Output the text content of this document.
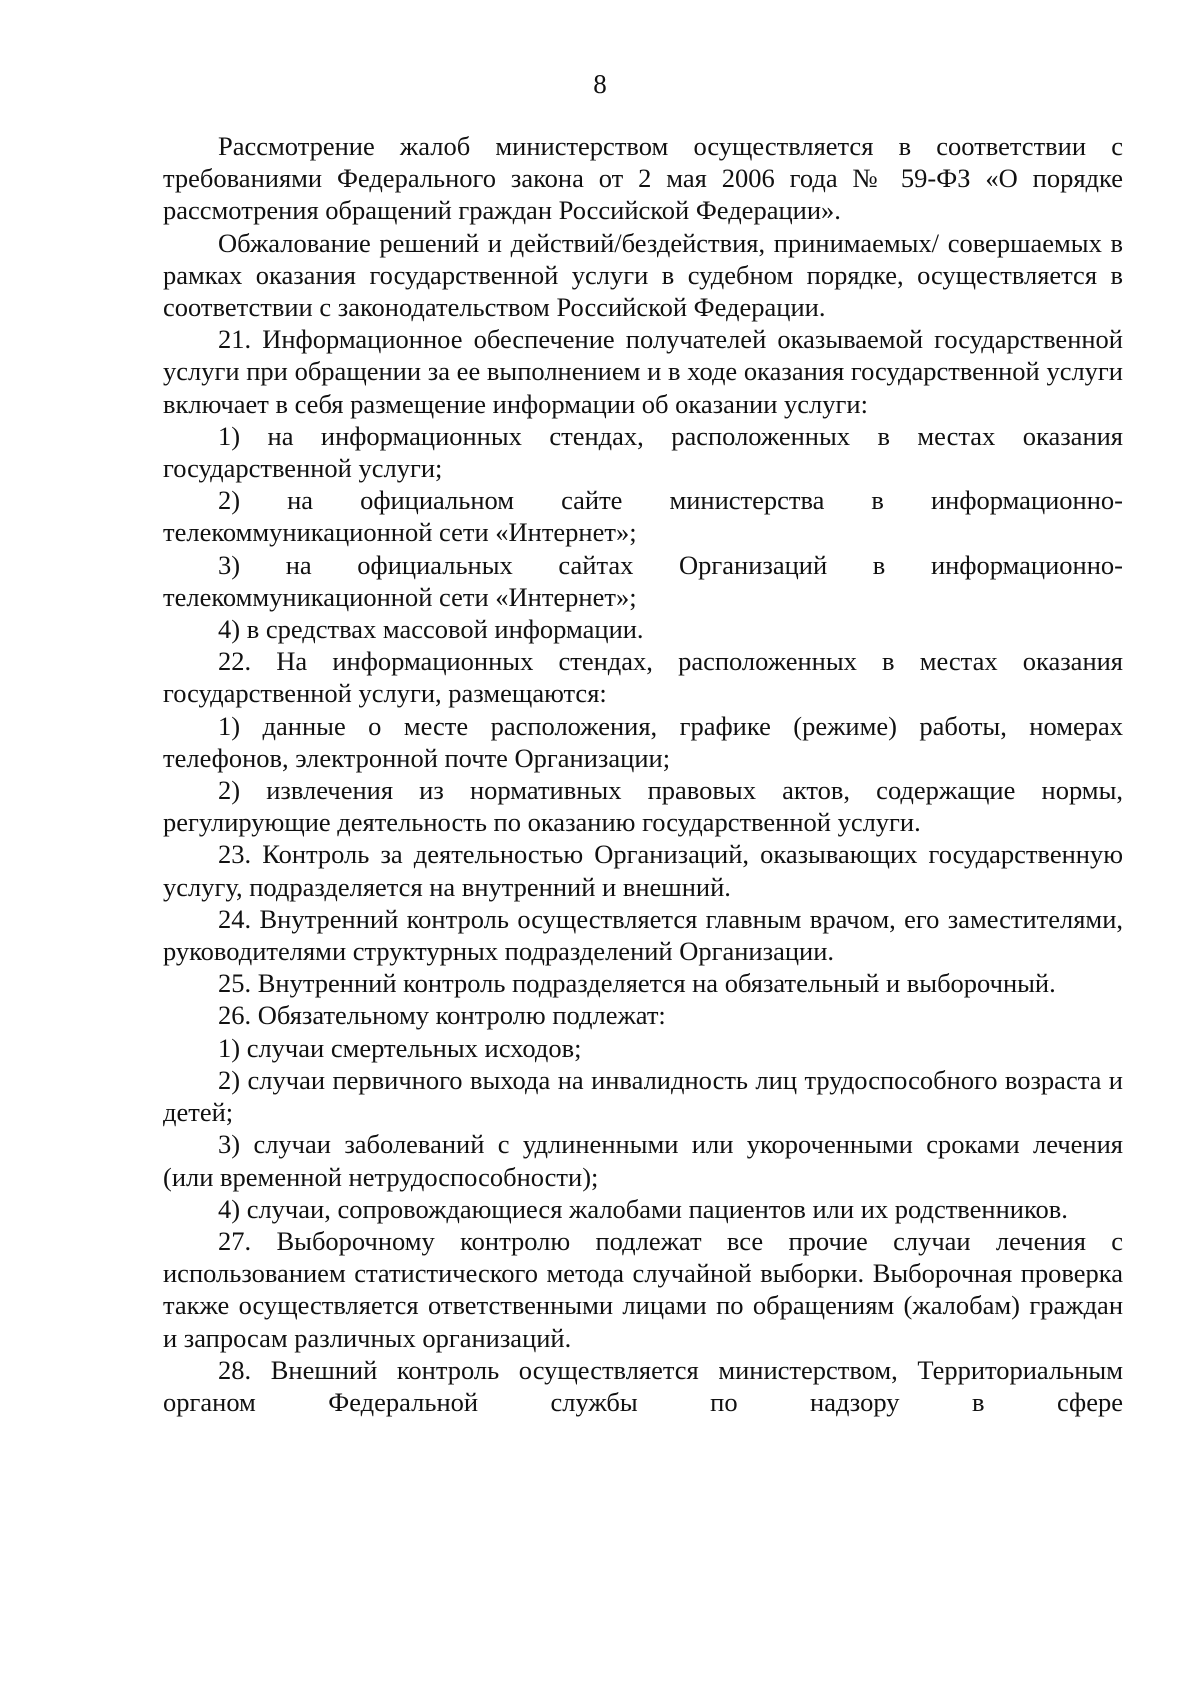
8

Рассмотрение жалоб министерством осуществляется в соответствии с требованиями Федерального закона от 2 мая 2006 года № 59-ФЗ «О порядке рассмотрения обращений граждан Российской Федерации».

Обжалование решений и действий/бездействия, принимаемых/ совершаемых в рамках оказания государственной услуги в судебном порядке, осуществляется в соответствии с законодательством Российской Федерации.

21. Информационное обеспечение получателей оказываемой государственной услуги при обращении за ее выполнением и в ходе оказания государственной услуги включает в себя размещение информации об оказании услуги:

1) на информационных стендах, расположенных в местах оказания государственной услуги;

2) на официальном сайте министерства в информационно-телекоммуникационной сети «Интернет»;

3) на официальных сайтах Организаций в информационно-телекоммуникационной сети «Интернет»;

4) в средствах массовой информации.

22. На информационных стендах, расположенных в местах оказания государственной услуги, размещаются:

1) данные о месте расположения, графике (режиме) работы, номерах телефонов, электронной почте Организации;

2) извлечения из нормативных правовых актов, содержащие нормы, регулирующие деятельность по оказанию государственной услуги.

23. Контроль за деятельностью Организаций, оказывающих государственную услугу, подразделяется на внутренний и внешний.

24. Внутренний контроль осуществляется главным врачом, его заместителями, руководителями структурных подразделений Организации.

25. Внутренний контроль подразделяется на обязательный и выборочный.

26. Обязательному контролю подлежат:

1) случаи смертельных исходов;

2) случаи первичного выхода на инвалидность лиц трудоспособного возраста и детей;

3) случаи заболеваний с удлиненными или укороченными сроками лечения (или временной нетрудоспособности);

4) случаи, сопровождающиеся жалобами пациентов или их родственников.

27. Выборочному контролю подлежат все прочие случаи лечения с использованием статистического метода случайной выборки. Выборочная проверка также осуществляется ответственными лицами по обращениям (жалобам) граждан и запросам различных организаций.

28. Внешний контроль осуществляется министерством, Территориальным органом Федеральной службы по надзору в сфере
